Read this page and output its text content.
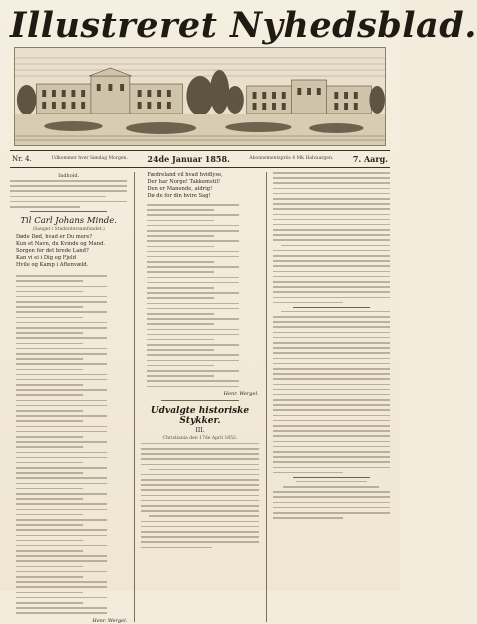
Illustreret Nyhedsblad.
Nr. 4.	Udkommer hver Søndag Morgen. 24de Januar 1858.	Abonnementspriis 4 Mk Halvaargen. 7. Aarg.
Indhold.
Til Carl Johans Minde.
(Sanget i Studentersamfundet.)
Døde Død, hvad er Du mere?
Kun et Navn, du Kvinde og Mand.
Sorgen for det brede Land?
Kan vi ei i Dig og Fjeld
Hvile og Kamp i Aftenvæld.
Henr. Wergel.
Fædreland vil hvad hvidlyse,
Der har Norge! Takkemstil!
Den er Manende, aldrig!
Dø de for din hvire Sag!
Henr. Wergel.
Udvalgte historiske Stykker.
III.
Christiania den 17de April 1852.
